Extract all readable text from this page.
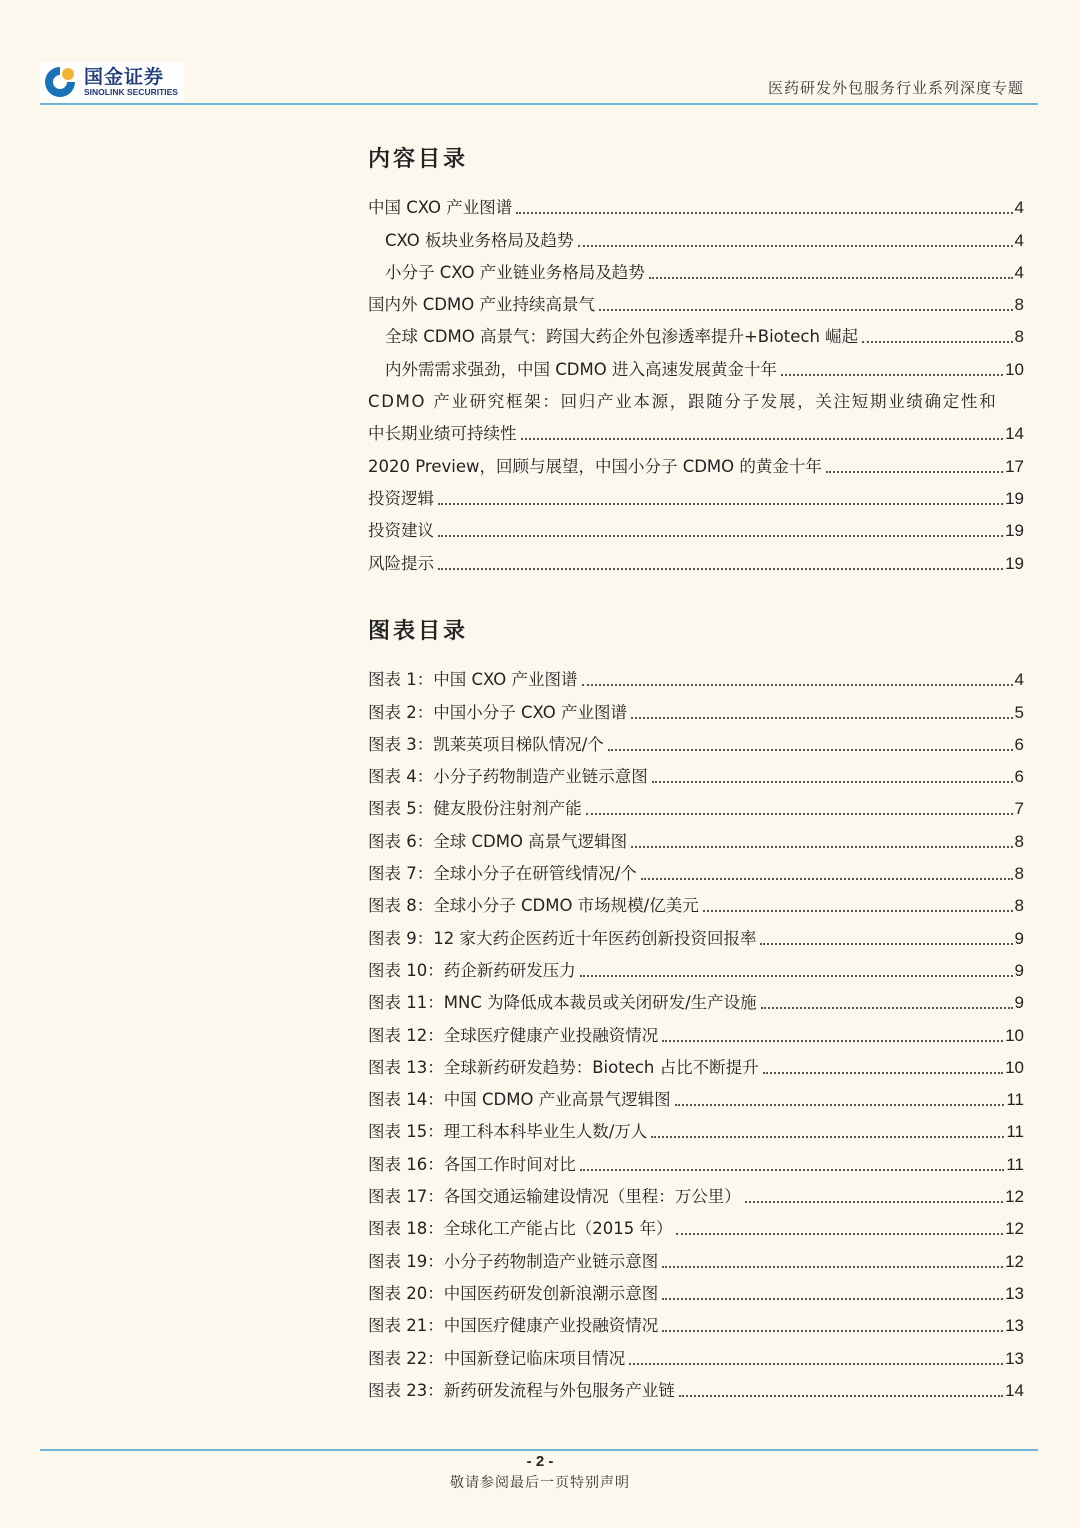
国金证券
SINOLINK SECURITIES	医药研发外包服务行业系列深度专题
内容目录
中国 CXO 产业图谱	4
CXO 板块业务格局及趋势	4
小分子 CXO 产业链业务格局及趋势	4
国内外 CDMO 产业持续高景气	8
全球 CDMO 高景气：跨国大药企外包渗透率提升+Biotech 崛起	8
内外需需求强劲，中国 CDMO 进入高速发展黄金十年	10
CDMO 产业研究框架：回归产业本源，跟随分子发展，关注短期业绩确定性和
中长期业绩可持续性	14
2020 Preview，回顾与展望，中国小分子 CDMO 的黄金十年	17
投资逻辑	19
投资建议	19
风险提示	19
图表目录
图表 1：中国 CXO 产业图谱	4
图表 2：中国小分子 CXO 产业图谱	5
图表 3：凯莱英项目梯队情况/个	6
图表 4：小分子药物制造产业链示意图	6
图表 5：健友股份注射剂产能	7
图表 6：全球 CDMO 高景气逻辑图	8
图表 7：全球小分子在研管线情况/个	8
图表 8：全球小分子 CDMO 市场规模/亿美元	8
图表 9：12 家大药企医药近十年医药创新投资回报率	9
图表 10：药企新药研发压力	9
图表 11：MNC 为降低成本裁员或关闭研发/生产设施	9
图表 12：全球医疗健康产业投融资情况	10
图表 13：全球新药研发趋势：Biotech 占比不断提升	10
图表 14：中国 CDMO 产业高景气逻辑图	11
图表 15：理工科本科毕业生人数/万人	11
图表 16：各国工作时间对比	11
图表 17：各国交通运输建设情况（里程：万公里）	12
图表 18：全球化工产能占比（2015 年）	12
图表 19：小分子药物制造产业链示意图	12
图表 20：中国医药研发创新浪潮示意图	13
图表 21：中国医疗健康产业投融资情况	13
图表 22：中国新登记临床项目情况	13
图表 23：新药研发流程与外包服务产业链	14
- 2 -
敬请参阅最后一页特别声明
